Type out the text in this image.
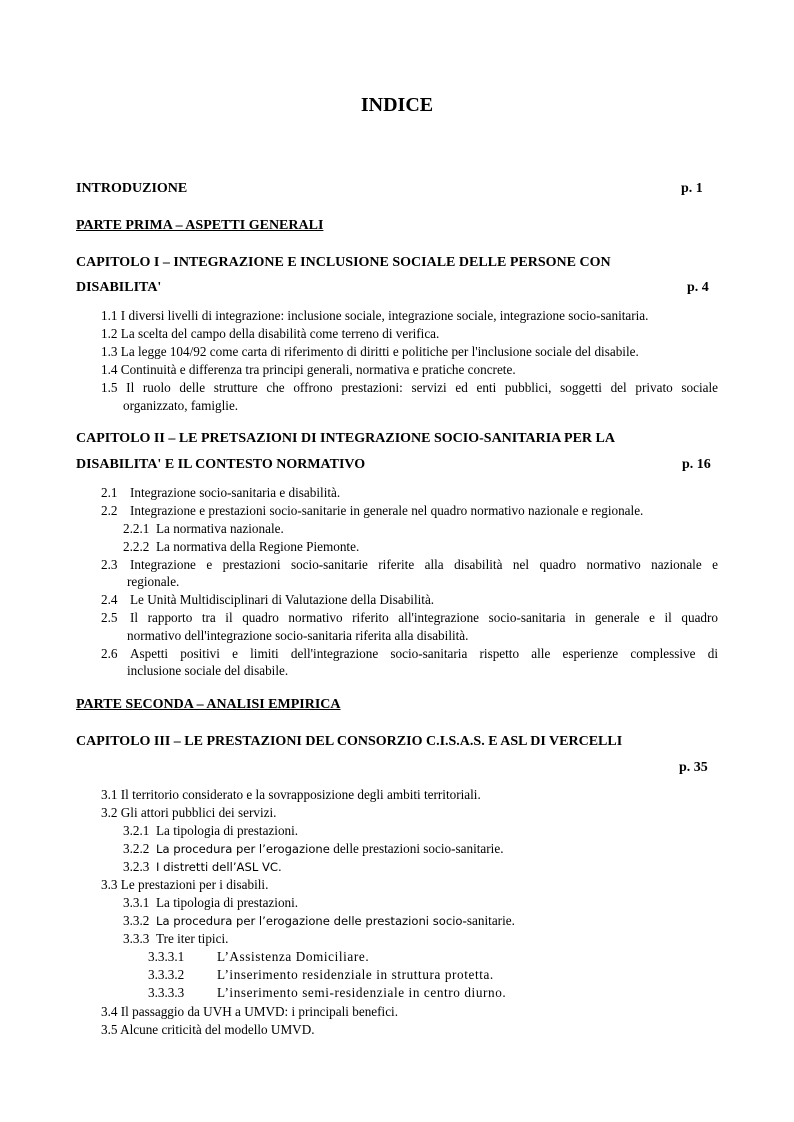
INDICE
INTRODUZIONE	p. 1
PARTE PRIMA – ASPETTI GENERALI
CAPITOLO I – INTEGRAZIONE E INCLUSIONE SOCIALE DELLE PERSONE CON
DISABILITA'	p. 4
1.1 I diversi livelli di integrazione: inclusione sociale, integrazione sociale, integrazione socio-sanitaria.
1.2 La scelta del campo della disabilità come terreno di verifica.
1.3 La legge 104/92 come carta di riferimento di diritti e politiche per l'inclusione sociale del disabile.
1.4 Continuità e differenza tra principi generali, normativa e pratiche concrete.
1.5 Il ruolo delle strutture che offrono prestazioni: servizi ed enti pubblici, soggetti del privato sociale
organizzato, famiglie.
CAPITOLO II – LE PRETSAZIONI DI INTEGRAZIONE SOCIO-SANITARIA PER LA
DISABILITA' E IL CONTESTO NORMATIVO	p. 16
2.1 Integrazione socio-sanitaria e disabilità.
2.2 Integrazione e prestazioni socio-sanitarie in generale nel quadro normativo nazionale e regionale.
2.2.1 La normativa nazionale.
2.2.2 La normativa della Regione Piemonte.
2.3 Integrazione e prestazioni socio-sanitarie riferite alla disabilità nel quadro normativo nazionale e
regionale.
2.4 Le Unità Multidisciplinari di Valutazione della Disabilità.
2.5 Il rapporto tra il quadro normativo riferito all'integrazione socio-sanitaria in generale e il quadro
normativo dell'integrazione socio-sanitaria riferita alla disabilità.
2.6 Aspetti positivi e limiti dell'integrazione socio-sanitaria rispetto alle esperienze complessive di
inclusione sociale del disabile.
PARTE SECONDA – ANALISI EMPIRICA
CAPITOLO III – LE PRESTAZIONI DEL CONSORZIO C.I.S.A.S. E ASL DI VERCELLI
p. 35
3.1 Il territorio considerato e la sovrapposizione degli ambiti territoriali.
3.2 Gli attori pubblici dei servizi.
3.2.1 La tipologia di prestazioni.
3.2.2 La procedura per l’erogazione delle prestazioni socio-sanitarie.
3.2.3 I distretti dell’ASL VC.
3.3 Le prestazioni per i disabili.
3.3.1 La tipologia di prestazioni.
3.3.2 La procedura per l’erogazione delle prestazioni socio-sanitarie.
3.3.3 Tre iter tipici.
3.3.3.1 L’Assistenza Domiciliare.
3.3.3.2 L’inserimento residenziale in struttura protetta.
3.3.3.3 L’inserimento semi-residenziale in centro diurno.
3.4 Il passaggio da UVH a UMVD: i principali benefici.
3.5 Alcune criticità del modello UMVD.
